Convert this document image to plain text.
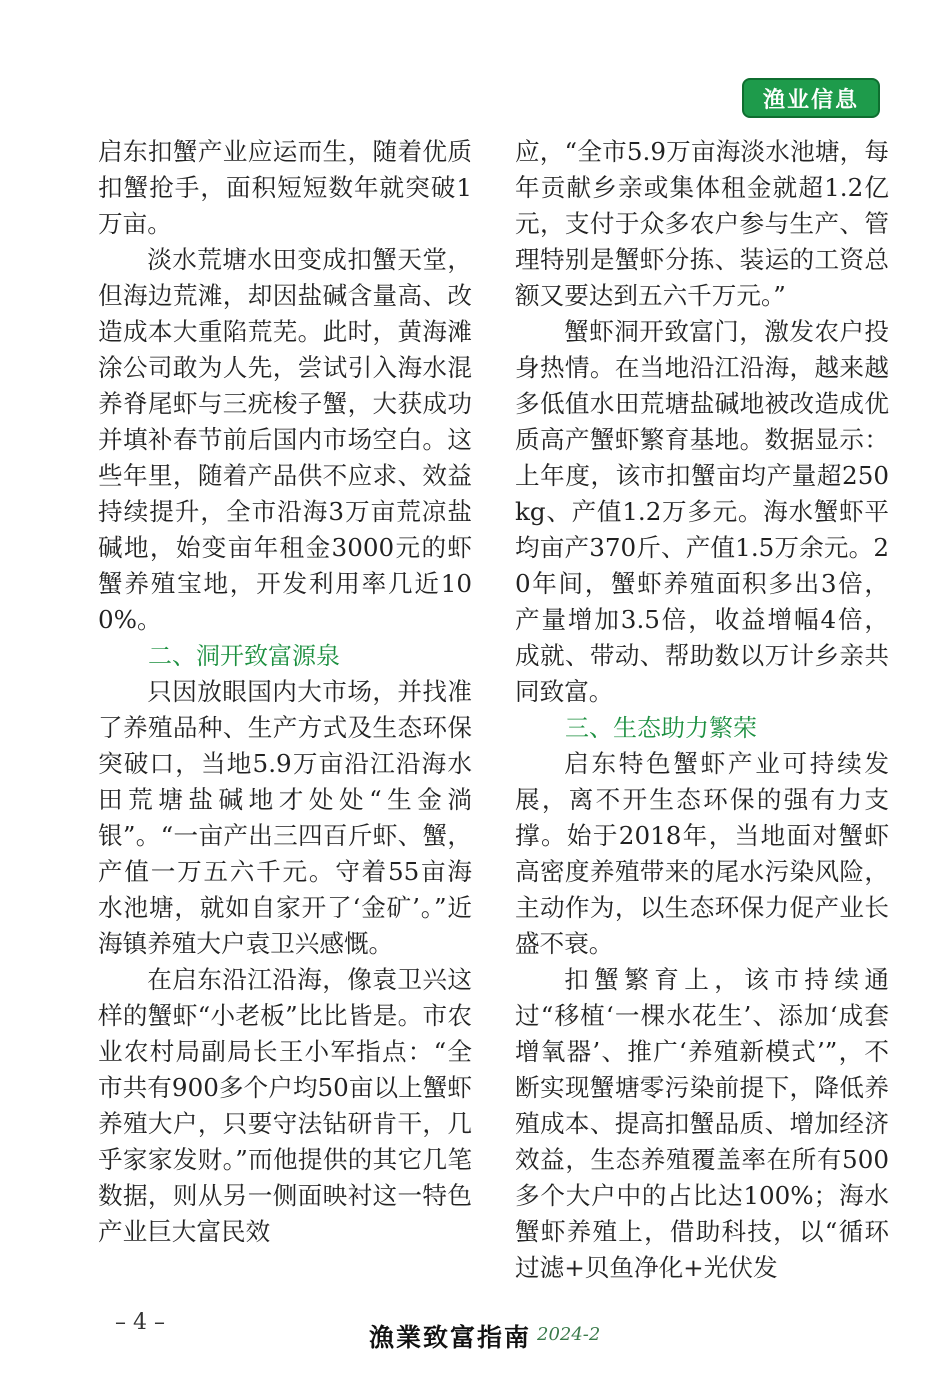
渔业信息

启东扣蟹产业应运而生，随着优质扣蟹抢手，面积短短数年就突破1万亩。

淡水荒塘水田变成扣蟹天堂，但海边荒滩，却因盐碱含量高、改造成本大重陷荒芜。此时，黄海滩涂公司敢为人先，尝试引入海水混养脊尾虾与三疣梭子蟹，大获成功并填补春节前后国内市场空白。这些年里，随着产品供不应求、效益持续提升，全市沿海3万亩荒凉盐碱地，始变亩年租金3000元的虾蟹养殖宝地，开发利用率几近100%。

二、洞开致富源泉

只因放眼国内大市场，并找准了养殖品种、生产方式及生态环保突破口，当地5.9万亩沿江沿海水田荒塘盐碱地才处处“生金淌银”。“一亩产出三四百斤虾、蟹，产值一万五六千元。守着55亩海水池塘，就如自家开了‘金矿’。”近海镇养殖大户袁卫兴感慨。

在启东沿江沿海，像袁卫兴这样的蟹虾“小老板”比比皆是。市农业农村局副局长王小军指点：“全市共有900多个户均50亩以上蟹虾养殖大户，只要守法钻研肯干，几乎家家发财。”而他提供的其它几笔数据，则从另一侧面映衬这一特色产业巨大富民效

应，“全市5.9万亩海淡水池塘，每年贡献乡亲或集体租金就超1.2亿元，支付于众多农户参与生产、管理特别是蟹虾分拣、装运的工资总额又要达到五六千万元。”

蟹虾洞开致富门，激发农户投身热情。在当地沿江沿海，越来越多低值水田荒塘盐碱地被改造成优质高产蟹虾繁育基地。数据显示：上年度，该市扣蟹亩均产量超250kg、产值1.2万多元。海水蟹虾平均亩产370斤、产值1.5万余元。20年间，蟹虾养殖面积多出3倍，产量增加3.5倍，收益增幅4倍，成就、带动、帮助数以万计乡亲共同致富。

三、生态助力繁荣

启东特色蟹虾产业可持续发展，离不开生态环保的强有力支撑。始于2018年，当地面对蟹虾高密度养殖带来的尾水污染风险，主动作为，以生态环保力促产业长盛不衰。

扣蟹繁育上，该市持续通过“移植‘一棵水花生’、添加‘成套增氧器’、推广‘养殖新模式’”，不断实现蟹塘零污染前提下，降低养殖成本、提高扣蟹品质、增加经济效益，生态养殖覆盖率在所有500多个大户中的占比达100%；海水蟹虾养殖上，借助科技，以“循环过滤+贝鱼净化+光伏发

– 4 –
漁業致富指南 2024-2
